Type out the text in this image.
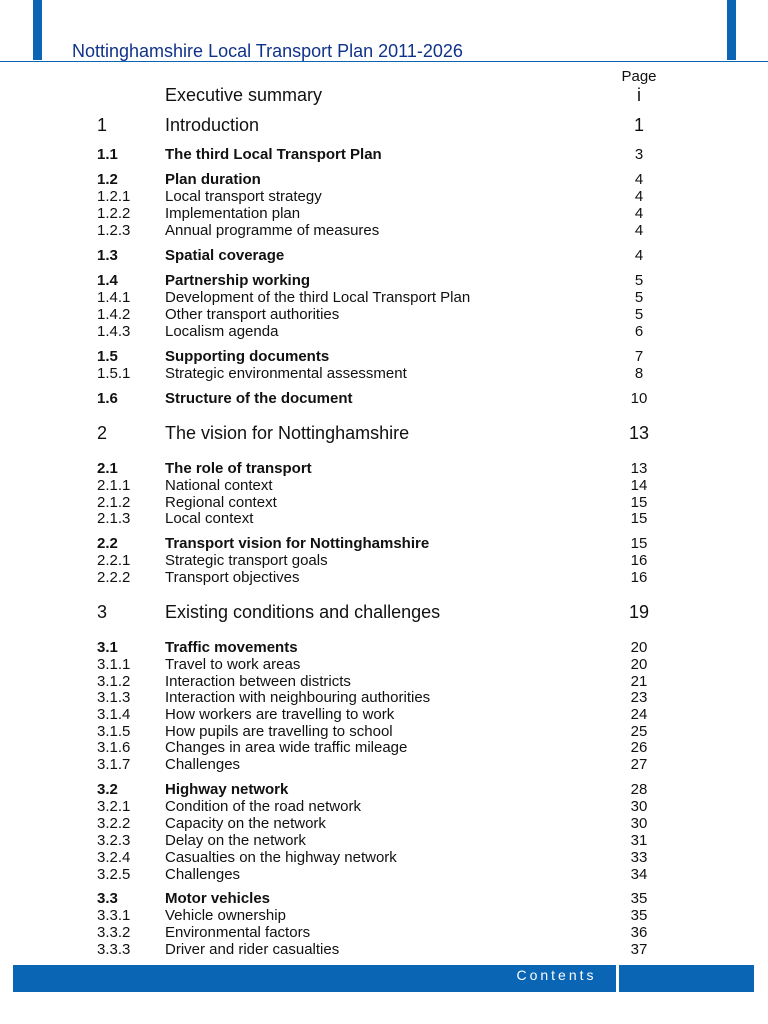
Nottinghamshire Local Transport Plan 2011-2026
Page
Executive summary	i
1	Introduction	1
1.1	The third Local Transport Plan	3
1.2	Plan duration	4
1.2.1 Local transport strategy	4
1.2.2 Implementation plan	4
1.2.3 Annual programme of measures	4
1.3	Spatial coverage	4
1.4	Partnership working	5
1.4.1 Development of the third Local Transport Plan	5
1.4.2 Other transport authorities	5
1.4.3 Localism agenda	6
1.5	Supporting documents	7
1.5.1 Strategic environmental assessment	8
1.6	Structure of the document	10
2	The vision for Nottinghamshire	13
2.1	The role of transport	13
2.1.1 National context	14
2.1.2 Regional context	15
2.1.3 Local context	15
2.2	Transport vision for Nottinghamshire	15
2.2.1 Strategic transport goals	16
2.2.2 Transport objectives	16
3	Existing conditions and challenges	19
3.1	Traffic movements	20
3.1.1 Travel to work areas	20
3.1.2 Interaction between districts	21
3.1.3 Interaction with neighbouring authorities	23
3.1.4 How workers are travelling to work	24
3.1.5 How pupils are travelling to school	25
3.1.6 Changes in area wide traffic mileage	26
3.1.7 Challenges	27
3.2	Highway network	28
3.2.1 Condition of the road network	30
3.2.2 Capacity on the network	30
3.2.3 Delay on the network	31
3.2.4 Casualties on the highway network	33
3.2.5 Challenges	34
3.3	Motor vehicles	35
3.3.1 Vehicle ownership	35
3.3.2 Environmental factors	36
3.3.3 Driver and rider casualties	37
Contents
